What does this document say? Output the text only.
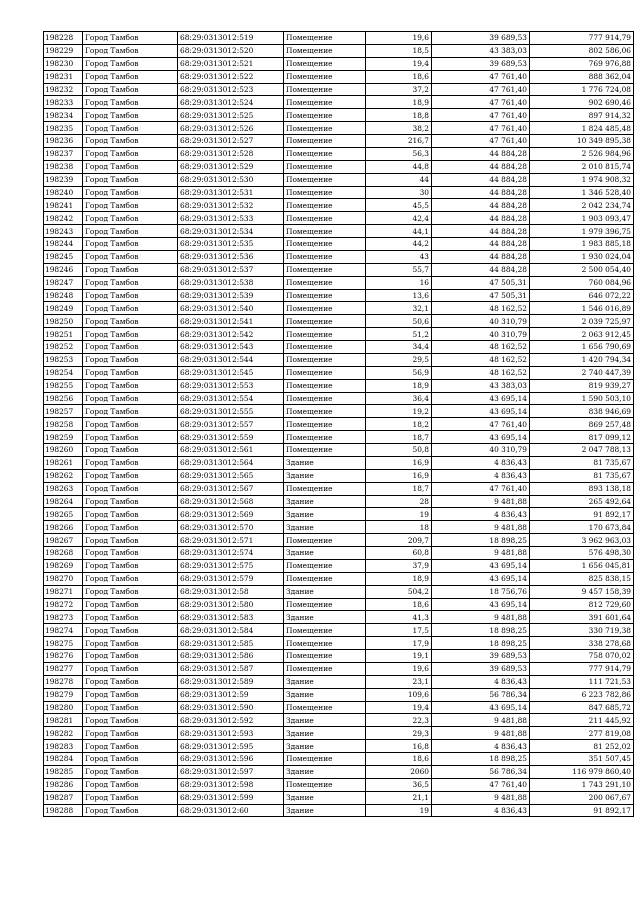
198228	Город Тамбов	68:29:0313012:519	Помещение	19,6	39 689,53	777 914,79
198229	Город Тамбов	68:29:0313012:520	Помещение	18,5	43 383,03	802 586,06
198230	Город Тамбов	68:29:0313012:521	Помещение	19,4	39 689,53	769 976,88
198231	Город Тамбов	68:29:0313012:522	Помещение	18,6	47 761,40	888 362,04
198232	Город Тамбов	68:29:0313012:523	Помещение	37,2	47 761,40	1 776 724,08
198233	Город Тамбов	68:29:0313012:524	Помещение	18,9	47 761,40	902 690,46
198234	Город Тамбов	68:29:0313012:525	Помещение	18,8	47 761,40	897 914,32
198235	Город Тамбов	68:29:0313012:526	Помещение	38,2	47 761,40	1 824 485,48
198236	Город Тамбов	68:29:0313012:527	Помещение	216,7	47 761,40	10 349 895,38
198237	Город Тамбов	68:29:0313012:528	Помещение	56,3	44 884,28	2 526 984,96
198238	Город Тамбов	68:29:0313012:529	Помещение	44,8	44 884,28	2 010 815,74
198239	Город Тамбов	68:29:0313012:530	Помещение	44	44 884,28	1 974 908,32
198240	Город Тамбов	68:29:0313012:531	Помещение	30	44 884,28	1 346 528,40
198241	Город Тамбов	68:29:0313012:532	Помещение	45,5	44 884,28	2 042 234,74
198242	Город Тамбов	68:29:0313012:533	Помещение	42,4	44 884,28	1 903 093,47
198243	Город Тамбов	68:29:0313012:534	Помещение	44,1	44 884,28	1 979 396,75
198244	Город Тамбов	68:29:0313012:535	Помещение	44,2	44 884,28	1 983 885,18
198245	Город Тамбов	68:29:0313012:536	Помещение	43	44 884,28	1 930 024,04
198246	Город Тамбов	68:29:0313012:537	Помещение	55,7	44 884,28	2 500 054,40
198247	Город Тамбов	68:29:0313012:538	Помещение	16	47 505,31	760 084,96
198248	Город Тамбов	68:29:0313012:539	Помещение	13,6	47 505,31	646 072,22
198249	Город Тамбов	68:29:0313012:540	Помещение	32,1	48 162,52	1 546 016,89
198250	Город Тамбов	68:29:0313012:541	Помещение	50,6	40 310,79	2 039 725,97
198251	Город Тамбов	68:29:0313012:542	Помещение	51,2	40 310,79	2 063 912,45
198252	Город Тамбов	68:29:0313012:543	Помещение	34,4	48 162,52	1 656 790,69
198253	Город Тамбов	68:29:0313012:544	Помещение	29,5	48 162,52	1 420 794,34
198254	Город Тамбов	68:29:0313012:545	Помещение	56,9	48 162,52	2 740 447,39
198255	Город Тамбов	68:29:0313012:553	Помещение	18,9	43 383,03	819 939,27
198256	Город Тамбов	68:29:0313012:554	Помещение	36,4	43 695,14	1 590 503,10
198257	Город Тамбов	68:29:0313012:555	Помещение	19,2	43 695,14	838 946,69
198258	Город Тамбов	68:29:0313012:557	Помещение	18,2	47 761,40	869 257,48
198259	Город Тамбов	68:29:0313012:559	Помещение	18,7	43 695,14	817 099,12
198260	Город Тамбов	68:29:0313012:561	Помещение	50,8	40 310,79	2 047 788,13
198261	Город Тамбов	68:29:0313012:564	Здание	16,9	4 836,43	81 735,67
198262	Город Тамбов	68:29:0313012:565	Здание	16,9	4 836,43	81 735,67
198263	Город Тамбов	68:29:0313012:567	Помещение	18,7	47 761,40	893 138,18
198264	Город Тамбов	68:29:0313012:568	Здание	28	9 481,88	265 492,64
198265	Город Тамбов	68:29:0313012:569	Здание	19	4 836,43	91 892,17
198266	Город Тамбов	68:29:0313012:570	Здание	18	9 481,88	170 673,84
198267	Город Тамбов	68:29:0313012:571	Помещение	209,7	18 898,25	3 962 963,03
198268	Город Тамбов	68:29:0313012:574	Здание	60,8	9 481,88	576 498,30
198269	Город Тамбов	68:29:0313012:575	Помещение	37,9	43 695,14	1 656 045,81
198270	Город Тамбов	68:29:0313012:579	Помещение	18,9	43 695,14	825 838,15
198271	Город Тамбов	68:29:0313012:58	Здание	504,2	18 756,76	9 457 158,39
198272	Город Тамбов	68:29:0313012:580	Помещение	18,6	43 695,14	812 729,60
198273	Город Тамбов	68:29:0313012:583	Здание	41,3	9 481,88	391 601,64
198274	Город Тамбов	68:29:0313012:584	Помещение	17,5	18 898,25	330 719,38
198275	Город Тамбов	68:29:0313012:585	Помещение	17,9	18 898,25	338 278,68
198276	Город Тамбов	68:29:0313012:586	Помещение	19,1	39 689,53	758 070,02
198277	Город Тамбов	68:29:0313012:587	Помещение	19,6	39 689,53	777 914,79
198278	Город Тамбов	68:29:0313012:589	Здание	23,1	4 836,43	111 721,53
198279	Город Тамбов	68:29:0313012:59	Здание	109,6	56 786,34	6 223 782,86
198280	Город Тамбов	68:29:0313012:590	Помещение	19,4	43 695,14	847 685,72
198281	Город Тамбов	68:29:0313012:592	Здание	22,3	9 481,88	211 445,92
198282	Город Тамбов	68:29:0313012:593	Здание	29,3	9 481,88	277 819,08
198283	Город Тамбов	68:29:0313012:595	Здание	16,8	4 836,43	81 252,02
198284	Город Тамбов	68:29:0313012:596	Помещение	18,6	18 898,25	351 507,45
198285	Город Тамбов	68:29:0313012:597	Здание	2060	56 786,34	116 979 860,40
198286	Город Тамбов	68:29:0313012:598	Помещение	36,5	47 761,40	1 743 291,10
198287	Город Тамбов	68:29:0313012:599	Здание	21,1	9 481,88	200 067,67
198288	Город Тамбов	68:29:0313012:60	Здание	19	4 836,43	91 892,17
